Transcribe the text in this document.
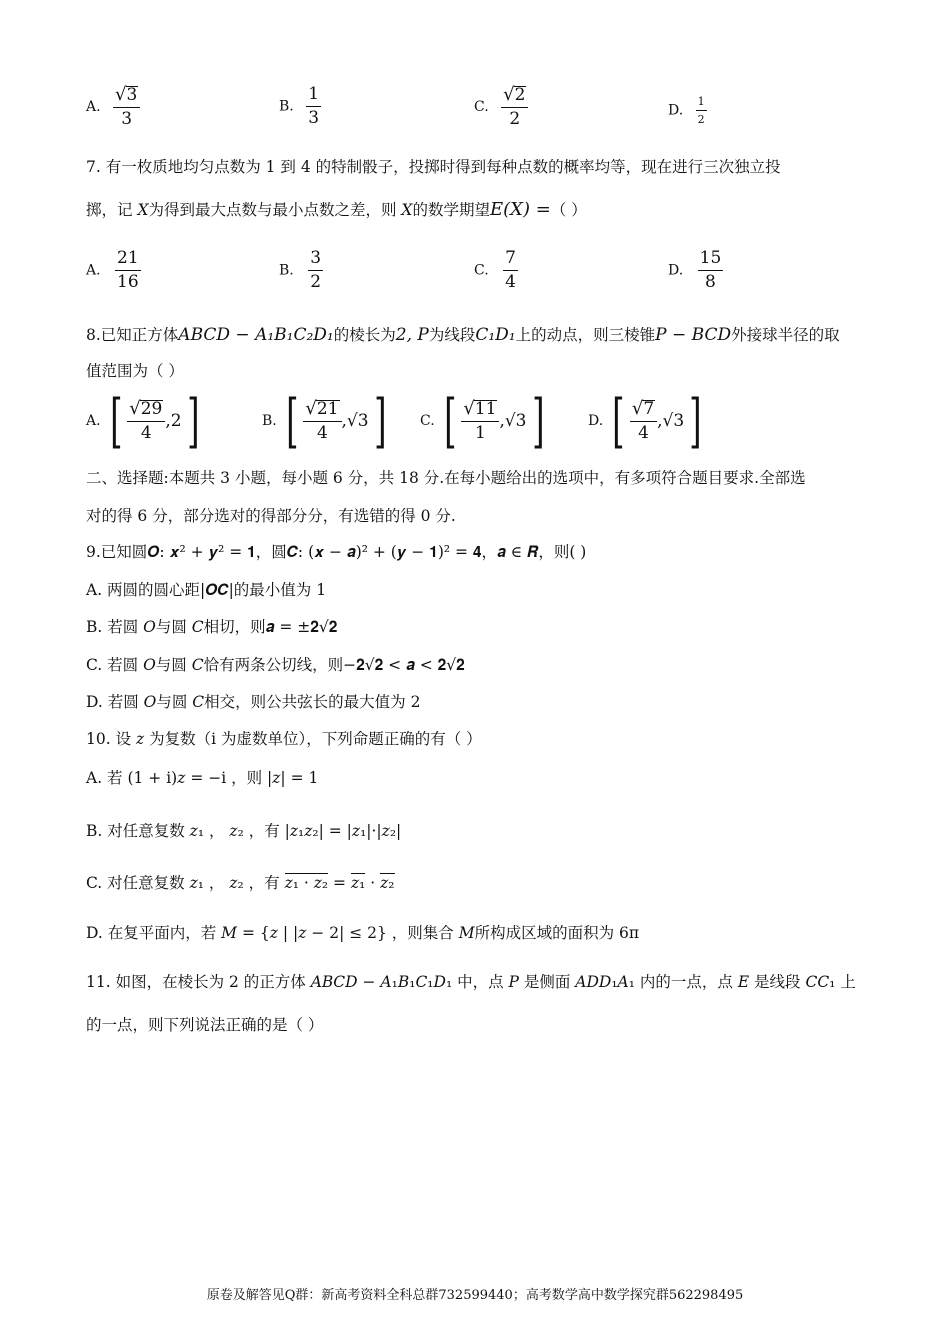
A. $\frac{√3}{3}$	B. $\frac{1}{3}$	C. $\frac{√2}{2}$	D. $\frac{1}{2}$
7. 有一枚质地均匀点数为 1 到 4 的特制骰子，投掷时得到每种点数的概率均等，现在进行三次独立投
掷，记 X为得到最大点数与最小点数之差，则 X的数学期望E(X) =（ ）
A. $\frac{21}{16}$	B. $\frac{3}{2}$	C. $\frac{7}{4}$	D. $\frac{15}{8}$
8.已知正方体ABCD − A₁B₁C₂D₁的棱长为2, P为线段C₁D₁上的动点，则三棱锥P − BCD外接球半径的取
值范围为（ ）
A. [ $\frac{√29}{4} ,2$ ]	B. [ $\frac{√21}{4} ,√3$ ] C. [ $\frac{√11}{1} ,√3$ ]	D. [ $\frac{√7}{4} ,√3$ ]
二、选择题:本题共 3 小题，每小题 6 分，共 18 分.在每小题给出的选项中，有多项符合题目要求.全部选
对的得 6 分，部分选对的得部分分，有选错的得 0 分.
9.已知圆𝑶: 𝒙² + 𝒚² = 𝟏，圆𝑪: (𝒙 − 𝒂)² + (𝒚 − 𝟏)² = 𝟒，𝒂 ∈ 𝑹，则( )
A. 两圆的圆心距|𝑶𝑪|的最小值为 1
B. 若圆 𝑂与圆 𝐶相切，则𝒂 = ±𝟐√𝟐
C. 若圆 𝑂与圆 𝐶恰有两条公切线，则−𝟐√𝟐 < 𝒂 < 𝟐√𝟐
D. 若圆 𝑂与圆 𝐶相交，则公共弦长的最大值为 2
10. 设 𝑧 为复数（i 为虚数单位），下列命题正确的有（ ）
A. 若 (1 + i)𝑧 = −i ，则 |𝑧| = 1
B. 对任意复数 𝑧₁ ， 𝑧₂ ，有 |𝑧₁𝑧₂| = |𝑧₁|·|𝑧₂|
C. 对任意复数 𝑧₁ ， 𝑧₂ ，有 𝑧₁ · 𝑧₂ = 𝑧₁ · 𝑧₂
D. 在复平面内，若 𝑀 = {𝑧 | |𝑧 − 2| ≤ 2} ，则集合 𝑀所构成区域的面积为 6π
11. 如图，在棱长为 2 的正方体 𝐴𝐵𝐶𝐷 − 𝐴₁𝐵₁𝐶₁𝐷₁ 中，点 𝑃 是侧面 𝐴𝐷𝐷₁𝐴₁ 内的一点，点 𝐸 是线段 𝐶𝐶₁ 上
的一点，则下列说法正确的是（ ）
原卷及解答见Q群：新高考资料全科总群732599440；高考数学高中数学探究群562298495
